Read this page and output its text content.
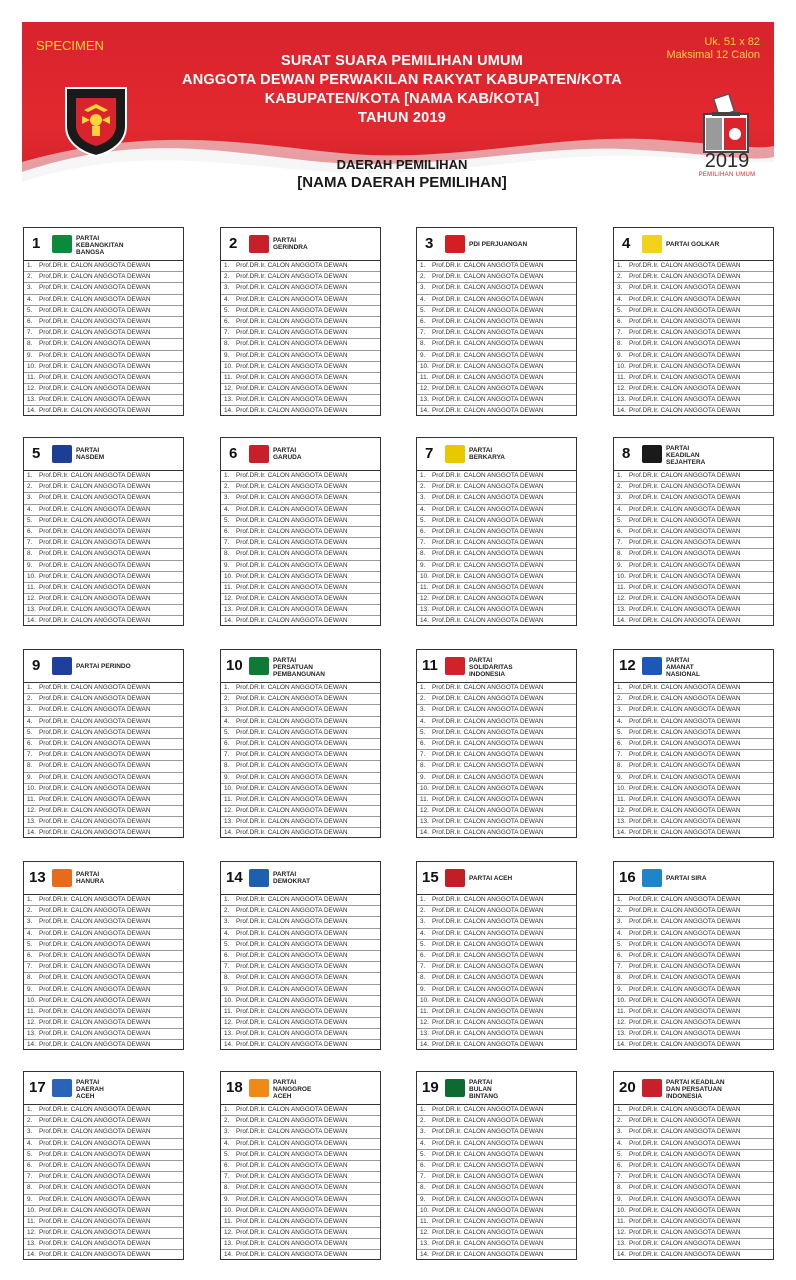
SPECIMEN	Uk. 51 x 82
Maksimal 12 Calon
SURAT SUARA PEMILIHAN UMUM
ANGGOTA DEWAN PERWAKILAN RAKYAT KABUPATEN/KOTA
KABUPATEN/KOTA [NAMA KAB/KOTA]
TAHUN 2019
DAERAH PEMILIHAN
[NAMA DAERAH PEMILIHAN]
2019
PEMILIHAN UMUM
1	PARTAI
KEBANGKITAN
BANGSA
1.	Prof.DR.Ir. CALON ANGGOTA DEWAN
2.	Prof.DR.Ir. CALON ANGGOTA DEWAN
3.	Prof.DR.Ir. CALON ANGGOTA DEWAN
4.	Prof.DR.Ir. CALON ANGGOTA DEWAN
5.	Prof.DR.Ir. CALON ANGGOTA DEWAN
6.	Prof.DR.Ir. CALON ANGGOTA DEWAN
7.	Prof.DR.Ir. CALON ANGGOTA DEWAN
8.	Prof.DR.Ir. CALON ANGGOTA DEWAN
9.	Prof.DR.Ir. CALON ANGGOTA DEWAN
10. Prof.DR.Ir. CALON ANGGOTA DEWAN
11. Prof.DR.Ir. CALON ANGGOTA DEWAN
12. Prof.DR.Ir. CALON ANGGOTA DEWAN
13. Prof.DR.Ir. CALON ANGGOTA DEWAN
14. Prof.DR.Ir. CALON ANGGOTA DEWAN
2	PARTAI
GERINDRA
1.	Prof.DR.Ir. CALON ANGGOTA DEWAN
2.	Prof.DR.Ir. CALON ANGGOTA DEWAN
3.	Prof.DR.Ir. CALON ANGGOTA DEWAN
4.	Prof.DR.Ir. CALON ANGGOTA DEWAN
5.	Prof.DR.Ir. CALON ANGGOTA DEWAN
6.	Prof.DR.Ir. CALON ANGGOTA DEWAN
7.	Prof.DR.Ir. CALON ANGGOTA DEWAN
8.	Prof.DR.Ir. CALON ANGGOTA DEWAN
9.	Prof.DR.Ir. CALON ANGGOTA DEWAN
10. Prof.DR.Ir. CALON ANGGOTA DEWAN
11. Prof.DR.Ir. CALON ANGGOTA DEWAN
12. Prof.DR.Ir. CALON ANGGOTA DEWAN
13. Prof.DR.Ir. CALON ANGGOTA DEWAN
14. Prof.DR.Ir. CALON ANGGOTA DEWAN
3	PDI PERJUANGAN
1.	Prof.DR.Ir. CALON ANGGOTA DEWAN
2.	Prof.DR.Ir. CALON ANGGOTA DEWAN
3.	Prof.DR.Ir. CALON ANGGOTA DEWAN
4.	Prof.DR.Ir. CALON ANGGOTA DEWAN
5.	Prof.DR.Ir. CALON ANGGOTA DEWAN
6.	Prof.DR.Ir. CALON ANGGOTA DEWAN
7.	Prof.DR.Ir. CALON ANGGOTA DEWAN
8.	Prof.DR.Ir. CALON ANGGOTA DEWAN
9.	Prof.DR.Ir. CALON ANGGOTA DEWAN
10. Prof.DR.Ir. CALON ANGGOTA DEWAN
11. Prof.DR.Ir. CALON ANGGOTA DEWAN
12. Prof.DR.Ir. CALON ANGGOTA DEWAN
13. Prof.DR.Ir. CALON ANGGOTA DEWAN
14. Prof.DR.Ir. CALON ANGGOTA DEWAN
4	PARTAI GOLKAR
1.	Prof.DR.Ir. CALON ANGGOTA DEWAN
2.	Prof.DR.Ir. CALON ANGGOTA DEWAN
3.	Prof.DR.Ir. CALON ANGGOTA DEWAN
4.	Prof.DR.Ir. CALON ANGGOTA DEWAN
5.	Prof.DR.Ir. CALON ANGGOTA DEWAN
6.	Prof.DR.Ir. CALON ANGGOTA DEWAN
7.	Prof.DR.Ir. CALON ANGGOTA DEWAN
8.	Prof.DR.Ir. CALON ANGGOTA DEWAN
9.	Prof.DR.Ir. CALON ANGGOTA DEWAN
10. Prof.DR.Ir. CALON ANGGOTA DEWAN
11. Prof.DR.Ir. CALON ANGGOTA DEWAN
12. Prof.DR.Ir. CALON ANGGOTA DEWAN
13. Prof.DR.Ir. CALON ANGGOTA DEWAN
14. Prof.DR.Ir. CALON ANGGOTA DEWAN
5	PARTAI
NASDEM
1.	Prof.DR.Ir. CALON ANGGOTA DEWAN
2.	Prof.DR.Ir. CALON ANGGOTA DEWAN
3.	Prof.DR.Ir. CALON ANGGOTA DEWAN
4.	Prof.DR.Ir. CALON ANGGOTA DEWAN
5.	Prof.DR.Ir. CALON ANGGOTA DEWAN
6.	Prof.DR.Ir. CALON ANGGOTA DEWAN
7.	Prof.DR.Ir. CALON ANGGOTA DEWAN
8.	Prof.DR.Ir. CALON ANGGOTA DEWAN
9.	Prof.DR.Ir. CALON ANGGOTA DEWAN
10. Prof.DR.Ir. CALON ANGGOTA DEWAN
11. Prof.DR.Ir. CALON ANGGOTA DEWAN
12. Prof.DR.Ir. CALON ANGGOTA DEWAN
13. Prof.DR.Ir. CALON ANGGOTA DEWAN
14. Prof.DR.Ir. CALON ANGGOTA DEWAN
6	PARTAI
GARUDA
1.	Prof.DR.Ir. CALON ANGGOTA DEWAN
2.	Prof.DR.Ir. CALON ANGGOTA DEWAN
3.	Prof.DR.Ir. CALON ANGGOTA DEWAN
4.	Prof.DR.Ir. CALON ANGGOTA DEWAN
5.	Prof.DR.Ir. CALON ANGGOTA DEWAN
6.	Prof.DR.Ir. CALON ANGGOTA DEWAN
7.	Prof.DR.Ir. CALON ANGGOTA DEWAN
8.	Prof.DR.Ir. CALON ANGGOTA DEWAN
9.	Prof.DR.Ir. CALON ANGGOTA DEWAN
10. Prof.DR.Ir. CALON ANGGOTA DEWAN
11. Prof.DR.Ir. CALON ANGGOTA DEWAN
12. Prof.DR.Ir. CALON ANGGOTA DEWAN
13. Prof.DR.Ir. CALON ANGGOTA DEWAN
14. Prof.DR.Ir. CALON ANGGOTA DEWAN
7	PARTAI
BERKARYA
1.	Prof.DR.Ir. CALON ANGGOTA DEWAN
2.	Prof.DR.Ir. CALON ANGGOTA DEWAN
3.	Prof.DR.Ir. CALON ANGGOTA DEWAN
4.	Prof.DR.Ir. CALON ANGGOTA DEWAN
5.	Prof.DR.Ir. CALON ANGGOTA DEWAN
6.	Prof.DR.Ir. CALON ANGGOTA DEWAN
7.	Prof.DR.Ir. CALON ANGGOTA DEWAN
8.	Prof.DR.Ir. CALON ANGGOTA DEWAN
9.	Prof.DR.Ir. CALON ANGGOTA DEWAN
10. Prof.DR.Ir. CALON ANGGOTA DEWAN
11. Prof.DR.Ir. CALON ANGGOTA DEWAN
12. Prof.DR.Ir. CALON ANGGOTA DEWAN
13. Prof.DR.Ir. CALON ANGGOTA DEWAN
14. Prof.DR.Ir. CALON ANGGOTA DEWAN
8	PARTAI
KEADILAN
SEJAHTERA
1.	Prof.DR.Ir. CALON ANGGOTA DEWAN
2.	Prof.DR.Ir. CALON ANGGOTA DEWAN
3.	Prof.DR.Ir. CALON ANGGOTA DEWAN
4.	Prof.DR.Ir. CALON ANGGOTA DEWAN
5.	Prof.DR.Ir. CALON ANGGOTA DEWAN
6.	Prof.DR.Ir. CALON ANGGOTA DEWAN
7.	Prof.DR.Ir. CALON ANGGOTA DEWAN
8.	Prof.DR.Ir. CALON ANGGOTA DEWAN
9.	Prof.DR.Ir. CALON ANGGOTA DEWAN
10. Prof.DR.Ir. CALON ANGGOTA DEWAN
11. Prof.DR.Ir. CALON ANGGOTA DEWAN
12. Prof.DR.Ir. CALON ANGGOTA DEWAN
13. Prof.DR.Ir. CALON ANGGOTA DEWAN
14. Prof.DR.Ir. CALON ANGGOTA DEWAN
9	PARTAI PERINDO
1.	Prof.DR.Ir. CALON ANGGOTA DEWAN
2.	Prof.DR.Ir. CALON ANGGOTA DEWAN
3.	Prof.DR.Ir. CALON ANGGOTA DEWAN
4.	Prof.DR.Ir. CALON ANGGOTA DEWAN
5.	Prof.DR.Ir. CALON ANGGOTA DEWAN
6.	Prof.DR.Ir. CALON ANGGOTA DEWAN
7.	Prof.DR.Ir. CALON ANGGOTA DEWAN
8.	Prof.DR.Ir. CALON ANGGOTA DEWAN
9.	Prof.DR.Ir. CALON ANGGOTA DEWAN
10. Prof.DR.Ir. CALON ANGGOTA DEWAN
11. Prof.DR.Ir. CALON ANGGOTA DEWAN
12. Prof.DR.Ir. CALON ANGGOTA DEWAN
13. Prof.DR.Ir. CALON ANGGOTA DEWAN
14. Prof.DR.Ir. CALON ANGGOTA DEWAN
10	PARTAI
PERSATUAN
PEMBANGUNAN
1.	Prof.DR.Ir. CALON ANGGOTA DEWAN
2.	Prof.DR.Ir. CALON ANGGOTA DEWAN
3.	Prof.DR.Ir. CALON ANGGOTA DEWAN
4.	Prof.DR.Ir. CALON ANGGOTA DEWAN
5.	Prof.DR.Ir. CALON ANGGOTA DEWAN
6.	Prof.DR.Ir. CALON ANGGOTA DEWAN
7.	Prof.DR.Ir. CALON ANGGOTA DEWAN
8.	Prof.DR.Ir. CALON ANGGOTA DEWAN
9.	Prof.DR.Ir. CALON ANGGOTA DEWAN
10. Prof.DR.Ir. CALON ANGGOTA DEWAN
11. Prof.DR.Ir. CALON ANGGOTA DEWAN
12. Prof.DR.Ir. CALON ANGGOTA DEWAN
13. Prof.DR.Ir. CALON ANGGOTA DEWAN
14. Prof.DR.Ir. CALON ANGGOTA DEWAN
11	PARTAI
SOLIDARITAS
INDONESIA
1.	Prof.DR.Ir. CALON ANGGOTA DEWAN
2.	Prof.DR.Ir. CALON ANGGOTA DEWAN
3.	Prof.DR.Ir. CALON ANGGOTA DEWAN
4.	Prof.DR.Ir. CALON ANGGOTA DEWAN
5.	Prof.DR.Ir. CALON ANGGOTA DEWAN
6.	Prof.DR.Ir. CALON ANGGOTA DEWAN
7.	Prof.DR.Ir. CALON ANGGOTA DEWAN
8.	Prof.DR.Ir. CALON ANGGOTA DEWAN
9.	Prof.DR.Ir. CALON ANGGOTA DEWAN
10. Prof.DR.Ir. CALON ANGGOTA DEWAN
11. Prof.DR.Ir. CALON ANGGOTA DEWAN
12. Prof.DR.Ir. CALON ANGGOTA DEWAN
13. Prof.DR.Ir. CALON ANGGOTA DEWAN
14. Prof.DR.Ir. CALON ANGGOTA DEWAN
12	PARTAI
AMANAT
NASIONAL
1.	Prof.DR.Ir. CALON ANGGOTA DEWAN
2.	Prof.DR.Ir. CALON ANGGOTA DEWAN
3.	Prof.DR.Ir. CALON ANGGOTA DEWAN
4.	Prof.DR.Ir. CALON ANGGOTA DEWAN
5.	Prof.DR.Ir. CALON ANGGOTA DEWAN
6.	Prof.DR.Ir. CALON ANGGOTA DEWAN
7.	Prof.DR.Ir. CALON ANGGOTA DEWAN
8.	Prof.DR.Ir. CALON ANGGOTA DEWAN
9.	Prof.DR.Ir. CALON ANGGOTA DEWAN
10. Prof.DR.Ir. CALON ANGGOTA DEWAN
11. Prof.DR.Ir. CALON ANGGOTA DEWAN
12. Prof.DR.Ir. CALON ANGGOTA DEWAN
13. Prof.DR.Ir. CALON ANGGOTA DEWAN
14. Prof.DR.Ir. CALON ANGGOTA DEWAN
13	PARTAI
HANURA
1.	Prof.DR.Ir. CALON ANGGOTA DEWAN
2.	Prof.DR.Ir. CALON ANGGOTA DEWAN
3.	Prof.DR.Ir. CALON ANGGOTA DEWAN
4.	Prof.DR.Ir. CALON ANGGOTA DEWAN
5.	Prof.DR.Ir. CALON ANGGOTA DEWAN
6.	Prof.DR.Ir. CALON ANGGOTA DEWAN
7.	Prof.DR.Ir. CALON ANGGOTA DEWAN
8.	Prof.DR.Ir. CALON ANGGOTA DEWAN
9.	Prof.DR.Ir. CALON ANGGOTA DEWAN
10. Prof.DR.Ir. CALON ANGGOTA DEWAN
11. Prof.DR.Ir. CALON ANGGOTA DEWAN
12. Prof.DR.Ir. CALON ANGGOTA DEWAN
13. Prof.DR.Ir. CALON ANGGOTA DEWAN
14. Prof.DR.Ir. CALON ANGGOTA DEWAN
14	PARTAI
DEMOKRAT
1.	Prof.DR.Ir. CALON ANGGOTA DEWAN
2.	Prof.DR.Ir. CALON ANGGOTA DEWAN
3.	Prof.DR.Ir. CALON ANGGOTA DEWAN
4.	Prof.DR.Ir. CALON ANGGOTA DEWAN
5.	Prof.DR.Ir. CALON ANGGOTA DEWAN
6.	Prof.DR.Ir. CALON ANGGOTA DEWAN
7.	Prof.DR.Ir. CALON ANGGOTA DEWAN
8.	Prof.DR.Ir. CALON ANGGOTA DEWAN
9.	Prof.DR.Ir. CALON ANGGOTA DEWAN
10. Prof.DR.Ir. CALON ANGGOTA DEWAN
11. Prof.DR.Ir. CALON ANGGOTA DEWAN
12. Prof.DR.Ir. CALON ANGGOTA DEWAN
13. Prof.DR.Ir. CALON ANGGOTA DEWAN
14. Prof.DR.Ir. CALON ANGGOTA DEWAN
15	PARTAI ACEH
1.	Prof.DR.Ir. CALON ANGGOTA DEWAN
2.	Prof.DR.Ir. CALON ANGGOTA DEWAN
3.	Prof.DR.Ir. CALON ANGGOTA DEWAN
4.	Prof.DR.Ir. CALON ANGGOTA DEWAN
5.	Prof.DR.Ir. CALON ANGGOTA DEWAN
6.	Prof.DR.Ir. CALON ANGGOTA DEWAN
7.	Prof.DR.Ir. CALON ANGGOTA DEWAN
8.	Prof.DR.Ir. CALON ANGGOTA DEWAN
9.	Prof.DR.Ir. CALON ANGGOTA DEWAN
10. Prof.DR.Ir. CALON ANGGOTA DEWAN
11. Prof.DR.Ir. CALON ANGGOTA DEWAN
12. Prof.DR.Ir. CALON ANGGOTA DEWAN
13. Prof.DR.Ir. CALON ANGGOTA DEWAN
14. Prof.DR.Ir. CALON ANGGOTA DEWAN
16	PARTAI SIRA
1.	Prof.DR.Ir. CALON ANGGOTA DEWAN
2.	Prof.DR.Ir. CALON ANGGOTA DEWAN
3.	Prof.DR.Ir. CALON ANGGOTA DEWAN
4.	Prof.DR.Ir. CALON ANGGOTA DEWAN
5.	Prof.DR.Ir. CALON ANGGOTA DEWAN
6.	Prof.DR.Ir. CALON ANGGOTA DEWAN
7.	Prof.DR.Ir. CALON ANGGOTA DEWAN
8.	Prof.DR.Ir. CALON ANGGOTA DEWAN
9.	Prof.DR.Ir. CALON ANGGOTA DEWAN
10. Prof.DR.Ir. CALON ANGGOTA DEWAN
11. Prof.DR.Ir. CALON ANGGOTA DEWAN
12. Prof.DR.Ir. CALON ANGGOTA DEWAN
13. Prof.DR.Ir. CALON ANGGOTA DEWAN
14. Prof.DR.Ir. CALON ANGGOTA DEWAN
17	PARTAI
DAERAH
ACEH
1.	Prof.DR.Ir. CALON ANGGOTA DEWAN
2.	Prof.DR.Ir. CALON ANGGOTA DEWAN
3.	Prof.DR.Ir. CALON ANGGOTA DEWAN
4.	Prof.DR.Ir. CALON ANGGOTA DEWAN
5.	Prof.DR.Ir. CALON ANGGOTA DEWAN
6.	Prof.DR.Ir. CALON ANGGOTA DEWAN
7.	Prof.DR.Ir. CALON ANGGOTA DEWAN
8.	Prof.DR.Ir. CALON ANGGOTA DEWAN
9.	Prof.DR.Ir. CALON ANGGOTA DEWAN
10. Prof.DR.Ir. CALON ANGGOTA DEWAN
11. Prof.DR.Ir. CALON ANGGOTA DEWAN
12. Prof.DR.Ir. CALON ANGGOTA DEWAN
13. Prof.DR.Ir. CALON ANGGOTA DEWAN
14. Prof.DR.Ir. CALON ANGGOTA DEWAN
18	PARTAI
NANGGROE
ACEH
1.	Prof.DR.Ir. CALON ANGGOTA DEWAN
2.	Prof.DR.Ir. CALON ANGGOTA DEWAN
3.	Prof.DR.Ir. CALON ANGGOTA DEWAN
4.	Prof.DR.Ir. CALON ANGGOTA DEWAN
5.	Prof.DR.Ir. CALON ANGGOTA DEWAN
6.	Prof.DR.Ir. CALON ANGGOTA DEWAN
7.	Prof.DR.Ir. CALON ANGGOTA DEWAN
8.	Prof.DR.Ir. CALON ANGGOTA DEWAN
9.	Prof.DR.Ir. CALON ANGGOTA DEWAN
10. Prof.DR.Ir. CALON ANGGOTA DEWAN
11. Prof.DR.Ir. CALON ANGGOTA DEWAN
12. Prof.DR.Ir. CALON ANGGOTA DEWAN
13. Prof.DR.Ir. CALON ANGGOTA DEWAN
14. Prof.DR.Ir. CALON ANGGOTA DEWAN
19	PARTAI
BULAN
BINTANG
1.	Prof.DR.Ir. CALON ANGGOTA DEWAN
2.	Prof.DR.Ir. CALON ANGGOTA DEWAN
3.	Prof.DR.Ir. CALON ANGGOTA DEWAN
4.	Prof.DR.Ir. CALON ANGGOTA DEWAN
5.	Prof.DR.Ir. CALON ANGGOTA DEWAN
6.	Prof.DR.Ir. CALON ANGGOTA DEWAN
7.	Prof.DR.Ir. CALON ANGGOTA DEWAN
8.	Prof.DR.Ir. CALON ANGGOTA DEWAN
9.	Prof.DR.Ir. CALON ANGGOTA DEWAN
10. Prof.DR.Ir. CALON ANGGOTA DEWAN
11. Prof.DR.Ir. CALON ANGGOTA DEWAN
12. Prof.DR.Ir. CALON ANGGOTA DEWAN
13. Prof.DR.Ir. CALON ANGGOTA DEWAN
14. Prof.DR.Ir. CALON ANGGOTA DEWAN
20	PARTAI KEADILAN
DAN PERSATUAN
INDONESIA
1.	Prof.DR.Ir. CALON ANGGOTA DEWAN
2.	Prof.DR.Ir. CALON ANGGOTA DEWAN
3.	Prof.DR.Ir. CALON ANGGOTA DEWAN
4.	Prof.DR.Ir. CALON ANGGOTA DEWAN
5.	Prof.DR.Ir. CALON ANGGOTA DEWAN
6.	Prof.DR.Ir. CALON ANGGOTA DEWAN
7.	Prof.DR.Ir. CALON ANGGOTA DEWAN
8.	Prof.DR.Ir. CALON ANGGOTA DEWAN
9.	Prof.DR.Ir. CALON ANGGOTA DEWAN
10. Prof.DR.Ir. CALON ANGGOTA DEWAN
11. Prof.DR.Ir. CALON ANGGOTA DEWAN
12. Prof.DR.Ir. CALON ANGGOTA DEWAN
13. Prof.DR.Ir. CALON ANGGOTA DEWAN
14. Prof.DR.Ir. CALON ANGGOTA DEWAN
